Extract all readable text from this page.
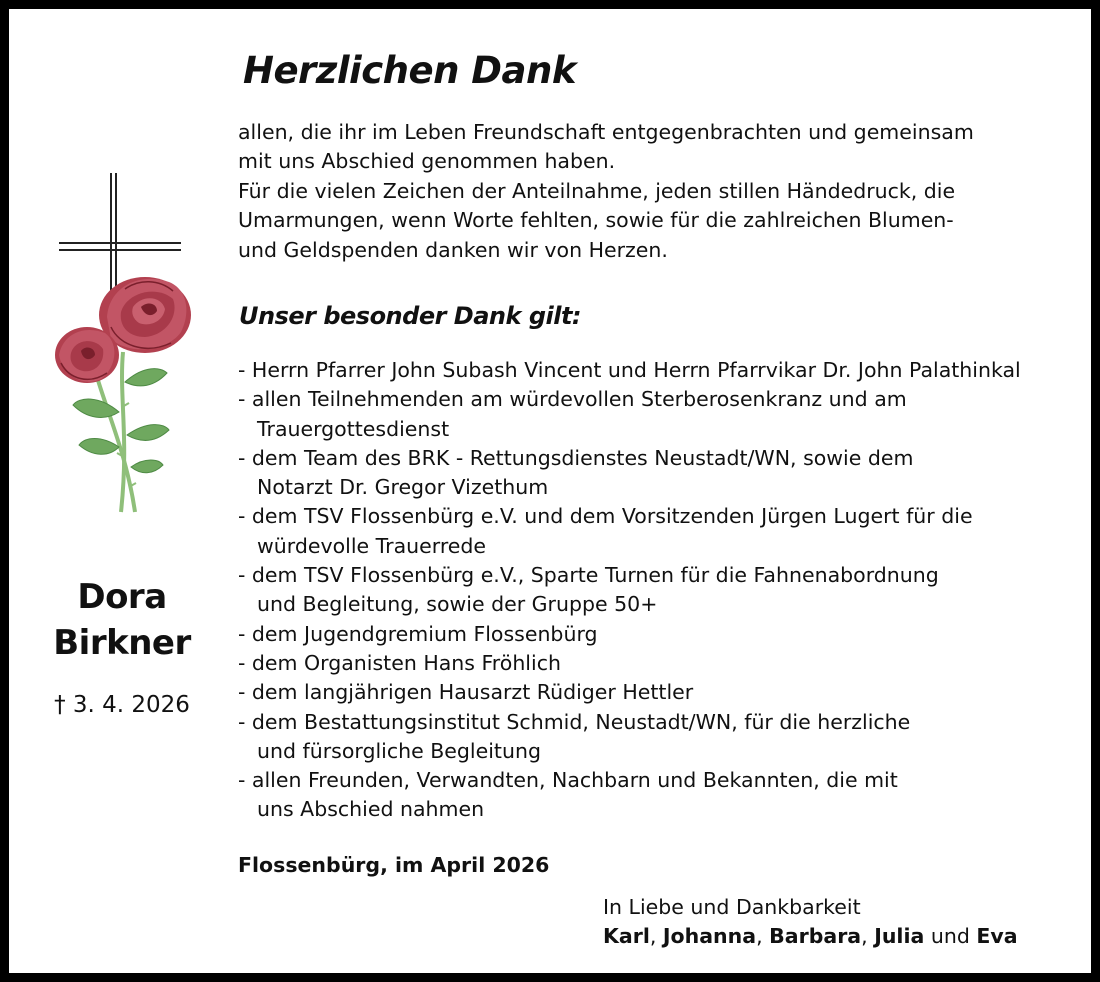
Herzlichen Dank
allen, die ihr im Leben Freundschaft entgegenbrachten und gemeinsam
mit uns Abschied genommen haben.
Für die vielen Zeichen der Anteilnahme, jeden stillen Händedruck, die
Umarmungen, wenn Worte fehlten, sowie für die zahlreichen Blumen-
und Geldspenden danken wir von Herzen.
Unser besonder Dank gilt:
- Herrn Pfarrer John Subash Vincent und Herrn Pfarrvikar Dr. John Palathinkal
- allen Teilnehmenden am würdevollen Sterberosenkranz und am
Trauergottesdienst
- dem Team des BRK - Rettungsdienstes Neustadt/WN, sowie dem
Notarzt Dr. Gregor Vizethum
- dem TSV Flossenbürg e.V. und dem Vorsitzenden Jürgen Lugert für die
würdevolle Trauerrede
- dem TSV Flossenbürg e.V., Sparte Turnen für die Fahnenabordnung
und Begleitung, sowie der Gruppe 50+
- dem Jugendgremium Flossenbürg
- dem Organisten Hans Fröhlich
- dem langjährigen Hausarzt Rüdiger Hettler
- dem Bestattungsinstitut Schmid, Neustadt/WN, für die herzliche
und fürsorgliche Begleitung
- allen Freunden, Verwandten, Nachbarn und Bekannten, die mit
uns Abschied nahmen
Flossenbürg, im April 2026
In Liebe und Dankbarkeit
Karl, Johanna, Barbara, Julia und Eva
Dora
Birkner
† 3. 4. 2026
